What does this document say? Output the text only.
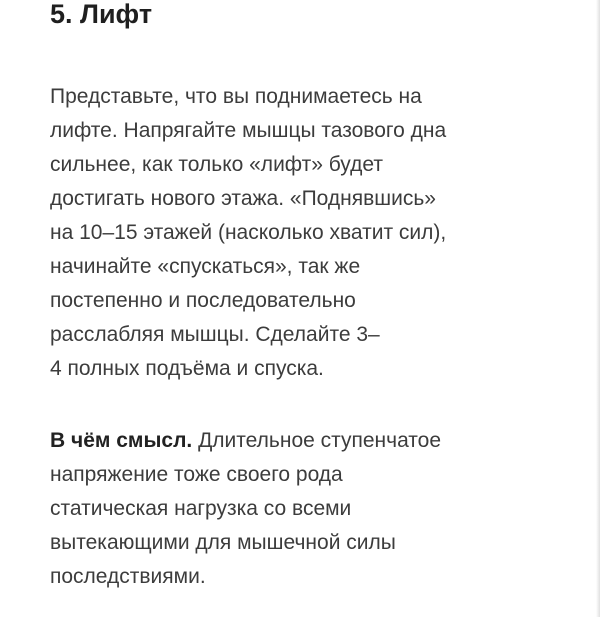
5. Лифт

Представьте, что вы поднимаетесь на
лифте. Напрягайте мышцы тазового дна
сильнее, как только «лифт» будет
достигать нового этажа. «Поднявшись»
на 10–15 этажей (насколько хватит сил),
начинайте «спускаться», так же
постепенно и последовательно
расслабляя мышцы. Сделайте 3–
4 полных подъёма и спуска.

В чём смысл. Длительное ступенчатое
напряжение тоже своего рода
статическая нагрузка со всеми
вытекающими для мышечной силы
последствиями.
